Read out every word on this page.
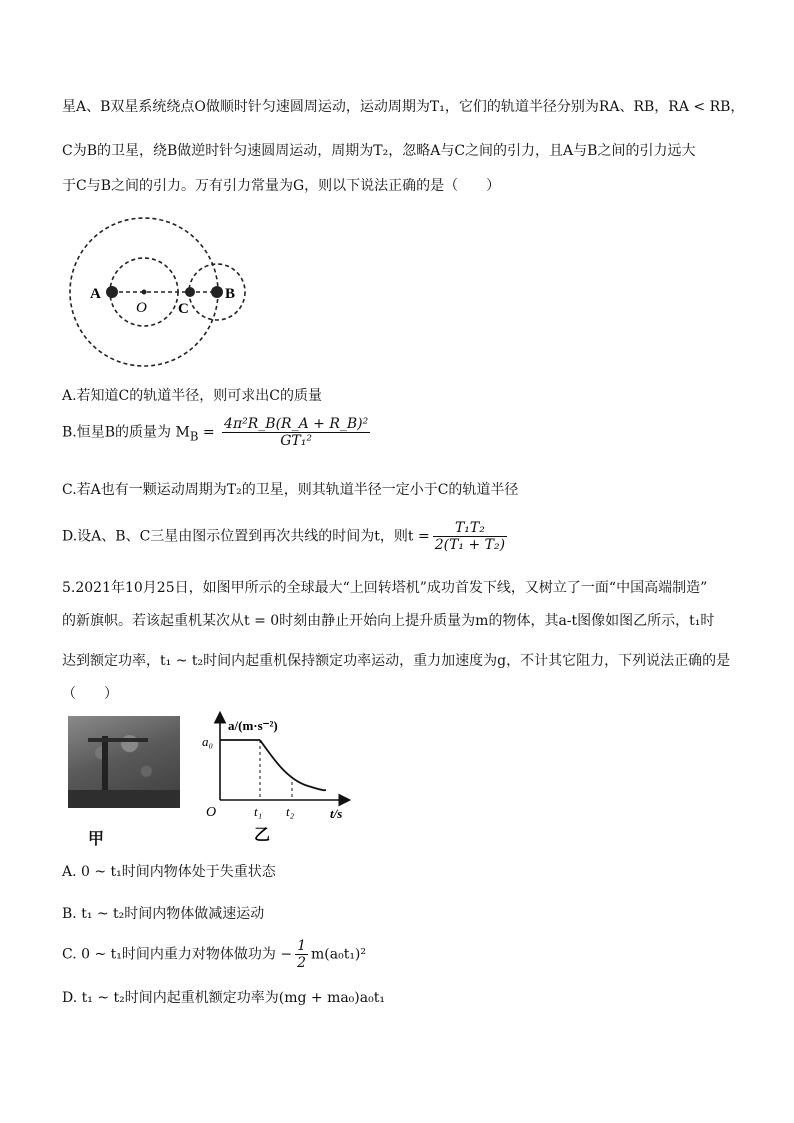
星A、B双星系统绕点O做顺时针匀速圆周运动，运动周期为T₁，它们的轨道半径分别为RA、RB，RA < RB，
C为B的卫星，绕B做逆时针匀速圆周运动，周期为T₂，忽略A与C之间的引力，且A与B之间的引力远大
于C与B之间的引力。万有引力常量为G，则以下说法正确的是（　　）
A
O C
B
A.若知道C的轨道半径，则可求出C的质量
B.恒星B的质量为 $M_B = \frac{\text{4π²R\_B(R\_A + R\_B)²}}{\text{GT₁²}}$
C.若A也有一颗运动周期为T₂的卫星，则其轨道半径一定小于C的轨道半径
D.设A、B、C三星由图示位置到再次共线的时间为t，则$t = \frac{\text{T₁T₂}}{\text{2(T₁ + T₂)}}$
5.2021年10月25日，如图甲所示的全球最大“上回转塔机”成功首发下线，又树立了一面“中国高端制造”
的新旗帜。若该起重机某次从t = 0时刻由静止开始向上提升质量为m的物体，其a-t图像如图乙所示，t₁时
达到额定功率，t₁ ~ t₂时间内起重机保持额定功率运动，重力加速度为g，不计其它阻力，下列说法正确的是
（　　）
甲
a/(m·s⁻²)
a₀
O	t₁ t₂	t/s
乙
A. 0 ~ t₁时间内物体处于失重状态
B. t₁ ~ t₂时间内物体做减速运动
C. 0 ~ t₁时间内重力对物体做功为 − $\frac{1}{2} m(a_0t_1)^2$
D. t₁ ~ t₂时间内起重机额定功率为(mg + ma₀)a₀t₁
